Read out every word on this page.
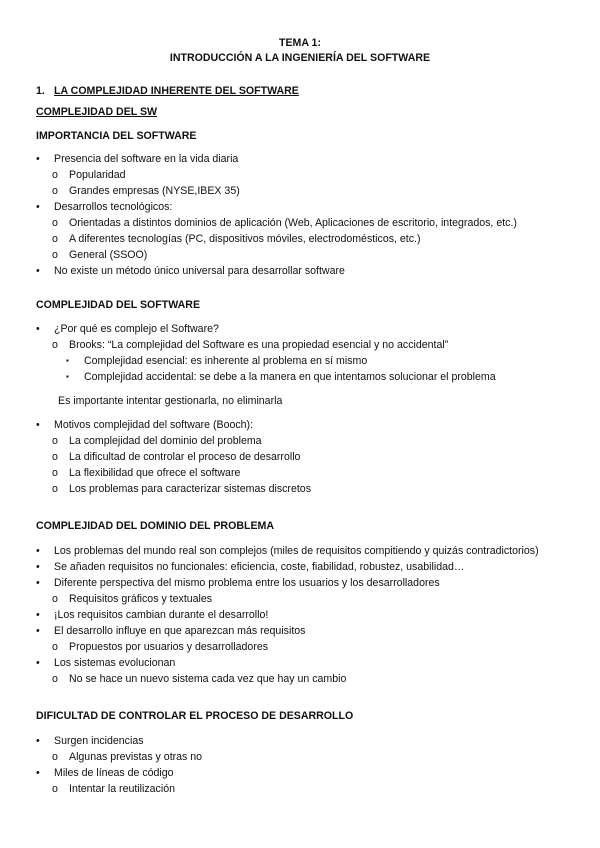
TEMA 1:
INTRODUCCIÓN A LA INGENIERÍA DEL SOFTWARE
1. LA COMPLEJIDAD INHERENTE DEL SOFTWARE
COMPLEJIDAD DEL SW
IMPORTANCIA DEL SOFTWARE
• Presencia del software en la vida diaria
o Popularidad
o Grandes empresas (NYSE,IBEX 35)
• Desarrollos tecnológicos:
o Orientadas a distintos dominios de aplicación (Web, Aplicaciones de escritorio, integrados, etc.)
o A diferentes tecnologías (PC, dispositivos móviles, electrodomésticos, etc.)
o General (SSOO)
• No existe un método único universal para desarrollar software
COMPLEJIDAD DEL SOFTWARE
• ¿Por qué es complejo el Software?
o Brooks: “La complejidad del Software es una propiedad esencial y no accidental”
▪ Complejidad esencial: es inherente al problema en sí mismo
▪ Complejidad accidental: se debe a la manera en que intentamos solucionar el problema
Es importante intentar gestionarla, no eliminarla
• Motivos complejidad del software (Booch):
o La complejidad del dominio del problema
o La dificultad de controlar el proceso de desarrollo
o La flexibilidad que ofrece el software
o Los problemas para caracterizar sistemas discretos
COMPLEJIDAD DEL DOMINIO DEL PROBLEMA
• Los problemas del mundo real son complejos (miles de requisitos compitiendo y quizás contradictorios)
• Se añaden requisitos no funcionales: eficiencia, coste, fiabilidad, robustez, usabilidad…
• Diferente perspectiva del mismo problema entre los usuarios y los desarrolladores
o Requisitos gráficos y textuales
• ¡Los requisitos cambian durante el desarrollo!
• El desarrollo influye en que aparezcan más requisitos
o Propuestos por usuarios y desarrolladores
• Los sistemas evolucionan
o No se hace un nuevo sistema cada vez que hay un cambio
DIFICULTAD DE CONTROLAR EL PROCESO DE DESARROLLO
• Surgen incidencias
o Algunas previstas y otras no
• Miles de líneas de código
o Intentar la reutilización
